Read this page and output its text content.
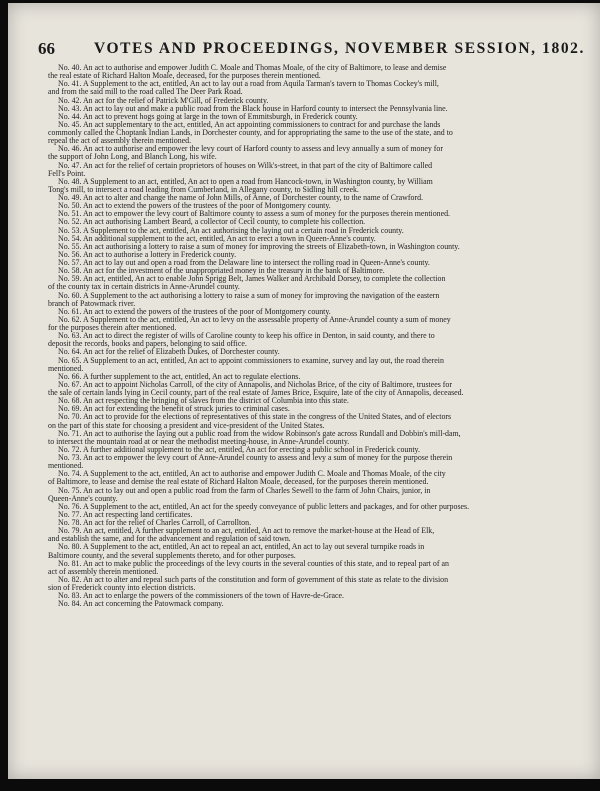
66	VOTES AND PROCEEDINGS, NOVEMBER SESSION, 1802.
No. 40. An act to authorise and empower Judith C. Moale and Thomas Moale, of the city of Baltimore, to lease and demise
the real estate of Richard Halton Moale, deceased, for the purposes therein mentioned.
No. 41. A Supplement to the act, entitled, An act to lay out a road from Aquila Tarman's tavern to Thomas Cockey's mill,
and from the said mill to the road called The Deer Park Road.
No. 42. An act for the relief of Patrick M'Gill, of Frederick county.
No. 43. An act to lay out and make a public road from the Black house in Harford county to intersect the Pennsylvania line.
No. 44. An act to prevent hogs going at large in the town of Emmitsburgh, in Frederick county.
No. 45. An act supplementary to the act, entitled, An act appointing commissioners to contract for and purchase the lands
commonly called the Choptank Indian Lands, in Dorchester county, and for appropriating the same to the use of the state, and to
repeal the act of assembly therein mentioned.
No. 46. An act to authorise and empower the levy court of Harford county to assess and levy annually a sum of money for
the support of John Long, and Blanch Long, his wife.
No. 47. An act for the relief of certain proprietors of houses on Wilk's-street, in that part of the city of Baltimore called
Fell's Point.
No. 48. A Supplement to an act, entitled, An act to open a road from Hancock-town, in Washington county, by William
Tong's mill, to intersect a road leading from Cumberland, in Allegany county, to Sidling hill creek.
No. 49. An act to alter and change the name of John Mills, of Anne, of Dorchester county, to the name of Crawford.
No. 50. An act to extend the powers of the trustees of the poor of Montgomery county.
No. 51. An act to empower the levy court of Baltimore county to assess a sum of money for the purposes therein mentioned.
No. 52. An act authorising Lambert Beard, a collector of Cecil county, to complete his collection.
No. 53. A Supplement to the act, entitled, An act authorising the laying out a certain road in Frederick county.
No. 54. An additional supplement to the act, entitled, An act to erect a town in Queen-Anne's county.
No. 55. An act authorising a lottery to raise a sum of money for improving the streets of Elizabeth-town, in Washington county.
No. 56. An act to authorise a lottery in Frederick county.
No. 57. An act to lay out and open a road from the Delaware line to intersect the rolling road in Queen-Anne's county.
No. 58. An act for the investment of the unappropriated money in the treasury in the bank of Baltimore.
No. 59. An act, entitled, An act to enable John Sprigg Belt, James Walker and Archibald Dorsey, to complete the collection
of the county tax in certain districts in Anne-Arundel county.
No. 60. A Supplement to the act authorising a lottery to raise a sum of money for improving the navigation of the eastern
branch of Patowmack river.
No. 61. An act to extend the powers of the trustees of the poor of Montgomery county.
No. 62. A Supplement to the act, entitled, An act to levy on the assessable property of Anne-Arundel county a sum of money
for the purposes therein after mentioned.
No. 63. An act to direct the register of wills of Caroline county to keep his office in Denton, in said county, and there to
deposit the records, books and papers, belonging to said office.
No. 64. An act for the relief of Elizabeth Dukes, of Dorchester county.
No. 65. A Supplement to an act, entitled, An act to appoint commissioners to examine, survey and lay out, the road therein
mentioned.
No. 66. A further supplement to the act, entitled, An act to regulate elections.
No. 67. An act to appoint Nicholas Carroll, of the city of Annapolis, and Nicholas Brice, of the city of Baltimore, trustees for
the sale of certain lands lying in Cecil county, part of the real estate of James Brice, Esquire, late of the city of Annapolis, deceased.
No. 68. An act respecting the bringing of slaves from the district of Columbia into this state.
No. 69. An act for extending the benefit of struck juries to criminal cases.
No. 70. An act to provide for the elections of representatives of this state in the congress of the United States, and of electors
on the part of this state for choosing a president and vice-president of the United States.
No. 71. An act to authorise the laying out a public road from the widow Robinson's gate across Rundall and Dobbin's mill-dam,
to intersect the mountain road at or near the methodist meeting-house, in Anne-Arundel county.
No. 72. A further additional supplement to the act, entitled, An act for erecting a public school in Frederick county.
No. 73. An act to empower the levy court of Anne-Arundel county to assess and levy a sum of money for the purpose therein
mentioned.
No. 74. A Supplement to the act, entitled, An act to authorise and empower Judith C. Moale and Thomas Moale, of the city
of Baltimore, to lease and demise the real estate of Richard Halton Moale, deceased, for the purposes therein mentioned.
No. 75. An act to lay out and open a public road from the farm of Charles Sewell to the farm of John Chairs, junior, in
Queen-Anne's county.
No. 76. A Supplement to the act, entitled, An act for the speedy conveyance of public letters and packages, and for other purposes.
No. 77. An act respecting land certificates.
No. 78. An act for the relief of Charles Carroll, of Carrollton.
No. 79. An act, entitled, A further supplement to an act, entitled, An act to remove the market-house at the Head of Elk,
and establish the same, and for the advancement and regulation of said town.
No. 80. A Supplement to the act, entitled, An act to repeal an act, entitled, An act to lay out several turnpike roads in
Baltimore county, and the several supplements thereto, and for other purposes.
No. 81. An act to make public the proceedings of the levy courts in the several counties of this state, and to repeal part of an
act of assembly therein mentioned.
No. 82. An act to alter and repeal such parts of the constitution and form of government of this state as relate to the division
sion of Frederick county into election districts.
No. 83. An act to enlarge the powers of the commissioners of the town of Havre-de-Grace.
No. 84. An act concerning the Patowmack company.
